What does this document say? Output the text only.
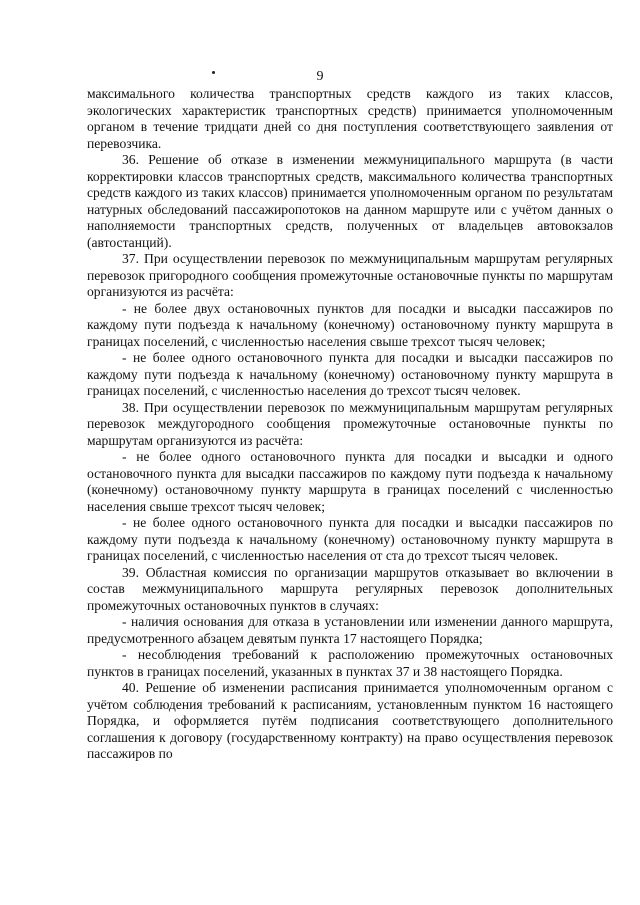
9

максимального количества транспортных средств каждого из таких классов, экологических характеристик транспортных средств) принимается уполномоченным органом в течение тридцати дней со дня поступления соответствующего заявления от перевозчика.

36. Решение об отказе в изменении межмуниципального маршрута (в части корректировки классов транспортных средств, максимального количества транспортных средств каждого из таких классов) принимается уполномоченным органом по результатам натурных обследований пассажиропотоков на данном маршруте или с учётом данных о наполняемости транспортных средств, полученных от владельцев автовокзалов (автостанций).

37. При осуществлении перевозок по межмуниципальным маршрутам регулярных перевозок пригородного сообщения промежуточные остановочные пункты по маршрутам организуются из расчёта:

- не более двух остановочных пунктов для посадки и высадки пассажиров по каждому пути подъезда к начальному (конечному) остановочному пункту маршрута в границах поселений, с численностью населения свыше трехсот тысяч человек;

- не более одного остановочного пункта для посадки и высадки пассажиров по каждому пути подъезда к начальному (конечному) остановочному пункту маршрута в границах поселений, с численностью населения до трехсот тысяч человек.

38. При осуществлении перевозок по межмуниципальным маршрутам регулярных перевозок междугородного сообщения промежуточные остановочные пункты по маршрутам организуются из расчёта:

- не более одного остановочного пункта для посадки и высадки и одного остановочного пункта для высадки пассажиров по каждому пути подъезда к начальному (конечному) остановочному пункту маршрута в границах поселений с численностью населения свыше трехсот тысяч человек;

- не более одного остановочного пункта для посадки и высадки пассажиров по каждому пути подъезда к начальному (конечному) остановочному пункту маршрута в границах поселений, с численностью населения от ста до трехсот тысяч человек.

39. Областная комиссия по организации маршрутов отказывает во включении в состав межмуниципального маршрута регулярных перевозок дополнительных промежуточных остановочных пунктов в случаях:

- наличия основания для отказа в установлении или изменении данного маршрута, предусмотренного абзацем девятым пункта 17 настоящего Порядка;

- несоблюдения требований к расположению промежуточных остановочных пунктов в границах поселений, указанных в пунктах 37 и 38 настоящего Порядка.

40. Решение об изменении расписания принимается уполномоченным органом с учётом соблюдения требований к расписаниям, установленным пунктом 16 настоящего Порядка, и оформляется путём подписания соответствующего дополнительного соглашения к договору (государственному контракту) на право осуществления перевозок пассажиров по
